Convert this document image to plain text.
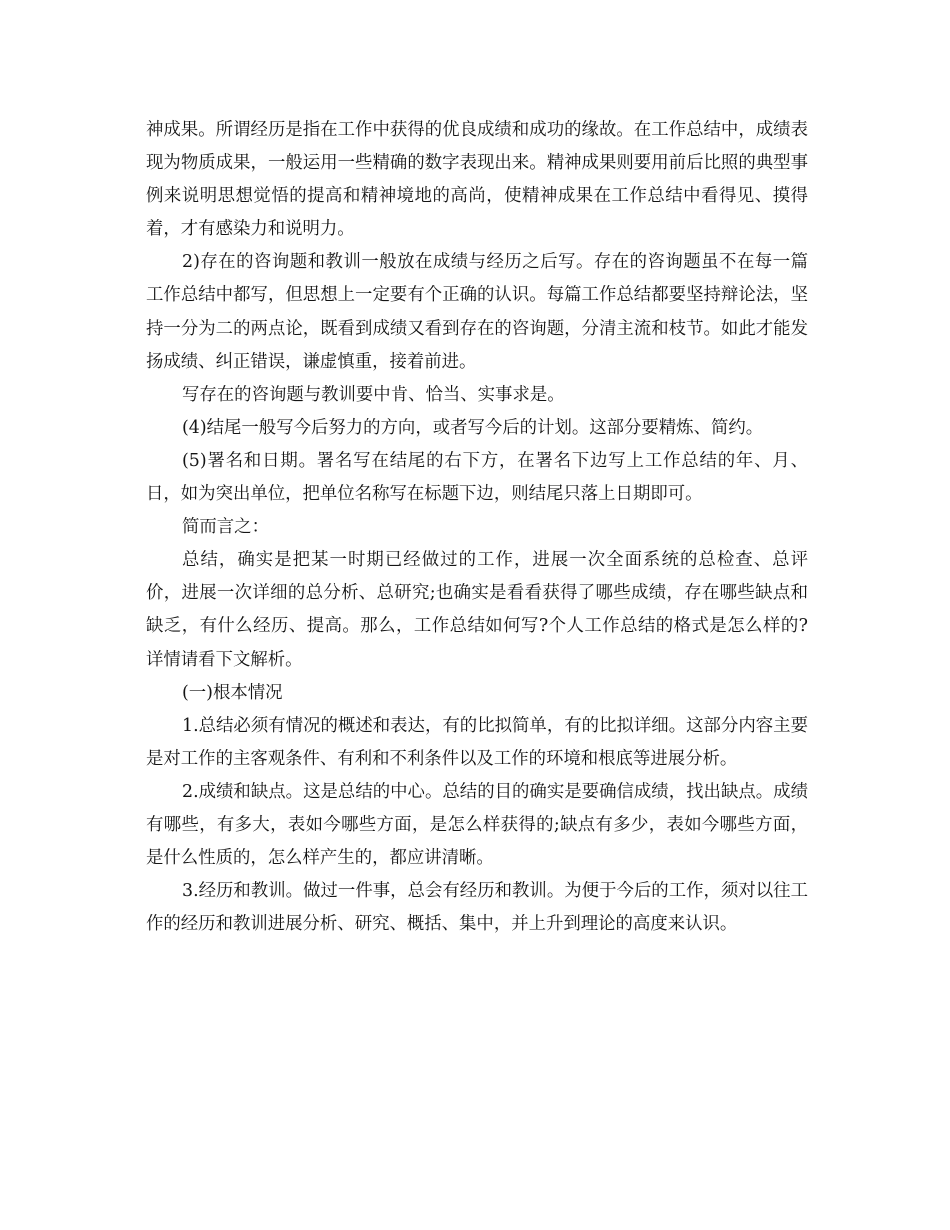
神成果。所谓经历是指在工作中获得的优良成绩和成功的缘故。在工作总结中，成绩表现为物质成果，一般运用一些精确的数字表现出来。精神成果则要用前后比照的典型事例来说明思想觉悟的提高和精神境地的高尚，使精神成果在工作总结中看得见、摸得着，才有感染力和说明力。

2)存在的咨询题和教训一般放在成绩与经历之后写。存在的咨询题虽不在每一篇工作总结中都写，但思想上一定要有个正确的认识。每篇工作总结都要坚持辩论法，坚持一分为二的两点论，既看到成绩又看到存在的咨询题，分清主流和枝节。如此才能发扬成绩、纠正错误，谦虚慎重，接着前进。

写存在的咨询题与教训要中肯、恰当、实事求是。

(4)结尾一般写今后努力的方向，或者写今后的计划。这部分要精炼、简约。

(5)署名和日期。署名写在结尾的右下方，在署名下边写上工作总结的年、月、日，如为突出单位，把单位名称写在标题下边，则结尾只落上日期即可。

简而言之：

总结，确实是把某一时期已经做过的工作，进展一次全面系统的总检查、总评价，进展一次详细的总分析、总研究;也确实是看看获得了哪些成绩，存在哪些缺点和缺乏，有什么经历、提高。那么，工作总结如何写?个人工作总结的格式是怎么样的?详情请看下文解析。

(一)根本情况

1.总结必须有情况的概述和表达，有的比拟简单，有的比拟详细。这部分内容主要是对工作的主客观条件、有利和不利条件以及工作的环境和根底等进展分析。

2.成绩和缺点。这是总结的中心。总结的目的确实是要确信成绩，找出缺点。成绩有哪些，有多大，表如今哪些方面，是怎么样获得的;缺点有多少，表如今哪些方面，是什么性质的，怎么样产生的，都应讲清晰。

3.经历和教训。做过一件事，总会有经历和教训。为便于今后的工作，须对以往工作的经历和教训进展分析、研究、概括、集中，并上升到理论的高度来认识。
